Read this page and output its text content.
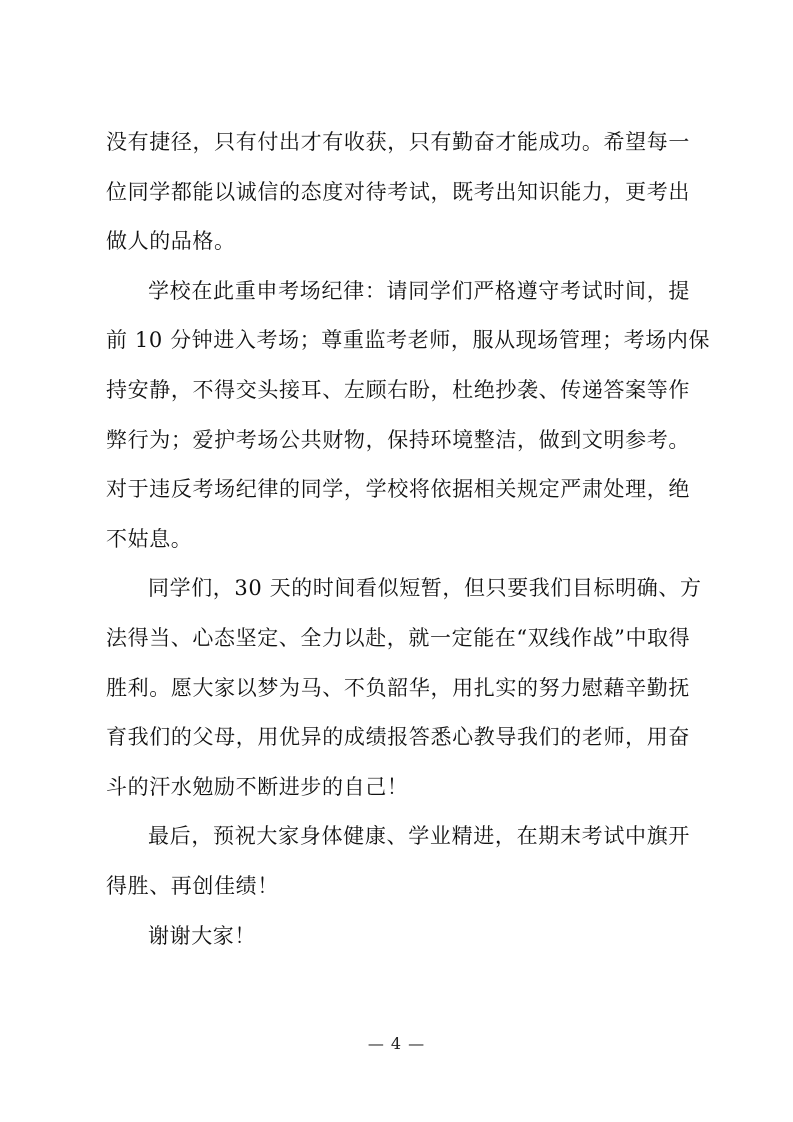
没有捷径，只有付出才有收获，只有勤奋才能成功。希望每一
位同学都能以诚信的态度对待考试，既考出知识能力，更考出
做人的品格。
学校在此重申考场纪律：请同学们严格遵守考试时间，提
前 10 分钟进入考场；尊重监考老师，服从现场管理；考场内保
持安静，不得交头接耳、左顾右盼，杜绝抄袭、传递答案等作
弊行为；爱护考场公共财物，保持环境整洁，做到文明参考。
对于违反考场纪律的同学，学校将依据相关规定严肃处理，绝
不姑息。
同学们，30 天的时间看似短暂，但只要我们目标明确、方
法得当、心态坚定、全力以赴，就一定能在“双线作战”中取得
胜利。愿大家以梦为马、不负韶华，用扎实的努力慰藉辛勤抚
育我们的父母，用优异的成绩报答悉心教导我们的老师，用奋
斗的汗水勉励不断进步的自己！
最后，预祝大家身体健康、学业精进，在期末考试中旗开
得胜、再创佳绩！
谢谢大家！
— 4 —
